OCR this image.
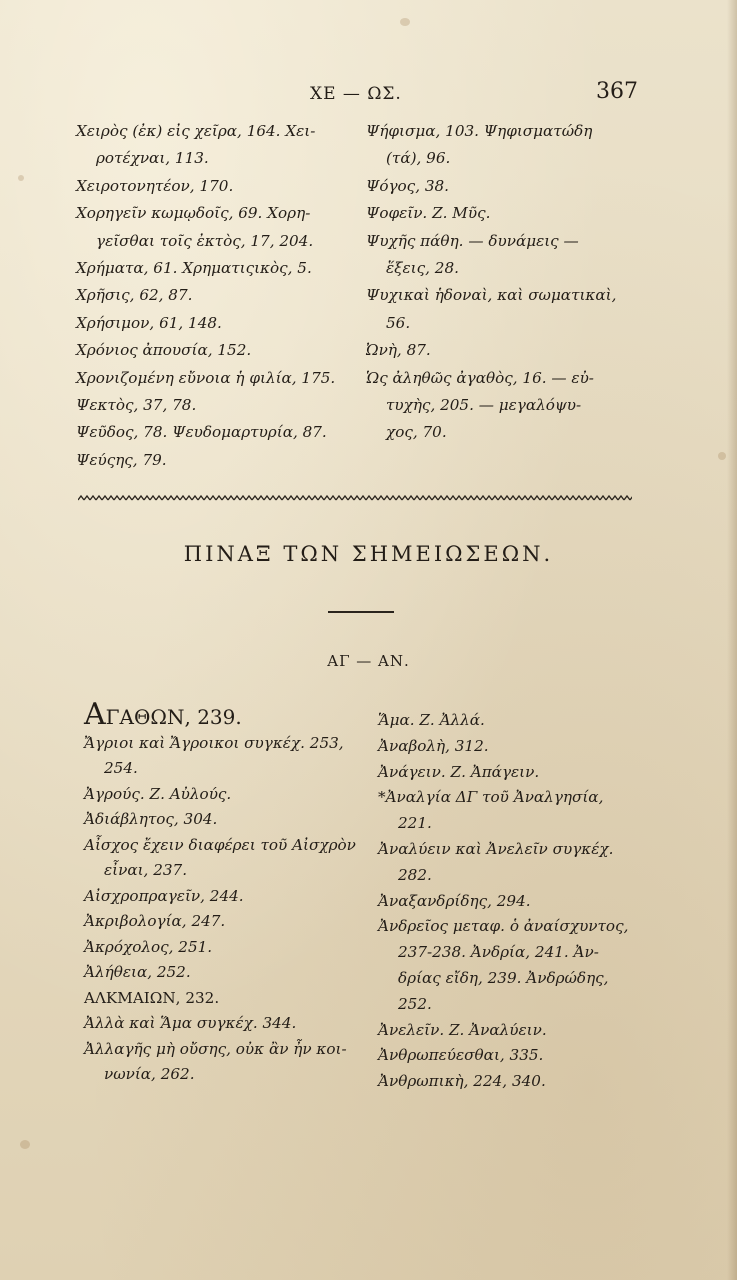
ΧΕ — ΩΣ.	367

Χειρὸς (ἐκ) εἰς χεῖρα, 164. Χει-

ροτέχναι, 113.

Χειροτονητέον, 170.

Χορηγεῖν κωμῳδοῖς, 69. Χορη-

γεῖσθαι τοῖς ἐκτὸς, 17, 204.

Χρήματα, 61. Χρηματιςικὸς, 5.

Χρῆσις, 62, 87.

Χρήσιμον, 61, 148.

Χρόνιος ἀπουσία, 152.

Χρονιζομένη εὔνοια ἡ φιλία, 175.

Ψεκτὸς, 37, 78.

Ψεῦδος, 78. Ψευδομαρτυρία, 87.

Ψεύςης, 79.

Ψήφισμα, 103. Ψηφισματώδη

(τά), 96.

Ψόγος, 38.

Ψοφεῖν. Ζ. Μῦς.

Ψυχῆς πάθη. — δυνάμεις —

ἕξεις, 28.

Ψυχικαὶ ἡδοναὶ, καὶ σωματικαὶ,

56.

Ὠνὴ, 87.

Ὡς ἀληθῶς ἀγαθὸς, 16. — εὐ-

τυχὴς, 205. — μεγαλόψυ-

χος, 70.

ΠΙΝΑΞ ΤΩΝ ΣΗΜΕΙΩΣΕΩΝ.
ΑΓ — ΑΝ.

ΑΓΑΘΩΝ, 239.

Ἄγριοι καὶ Ἄγροικοι συγκέχ. 253,

254.

Ἀγρούς. Ζ. Αὐλούς.

Ἀδιάβλητος, 304.

Αἶσχος ἔχειν διαφέρει τοῦ Αἰσχρὸν

εἶναι, 237.

Αἰσχροπραγεῖν, 244.

Ἀκριβολογία, 247.

Ἀκρόχολος, 251.

Ἀλήθεια, 252.

ΑΛΚΜΑΙΩΝ, 232.

Ἀλλὰ καὶ Ἅμα συγκέχ. 344.

Ἀλλαγῆς μὴ οὔσης, οὐκ ἂν ἦν κοι-

νωνία, 262.

Ἅμα. Ζ. Ἀλλά.

Ἀναβολὴ, 312.

Ἀνάγειν. Ζ. Ἀπάγειν.

*Ἀναλγία ΔΓ τοῦ Ἀναλγησία,

221.

Ἀναλύειν καὶ Ἀνελεῖν συγκέχ.

282.

Ἀναξανδρίδης, 294.

Ἀνδρεῖος μεταφ. ὁ ἀναίσχυντος,

237-238. Ἀνδρία, 241. Ἀν-

δρίας εἴδη, 239. Ἀνδρώδης,

252.

Ἀνελεῖν. Ζ. Ἀναλύειν.

Ἀνθρωπεύεσθαι, 335.

Ἀνθρωπικὴ, 224, 340.
